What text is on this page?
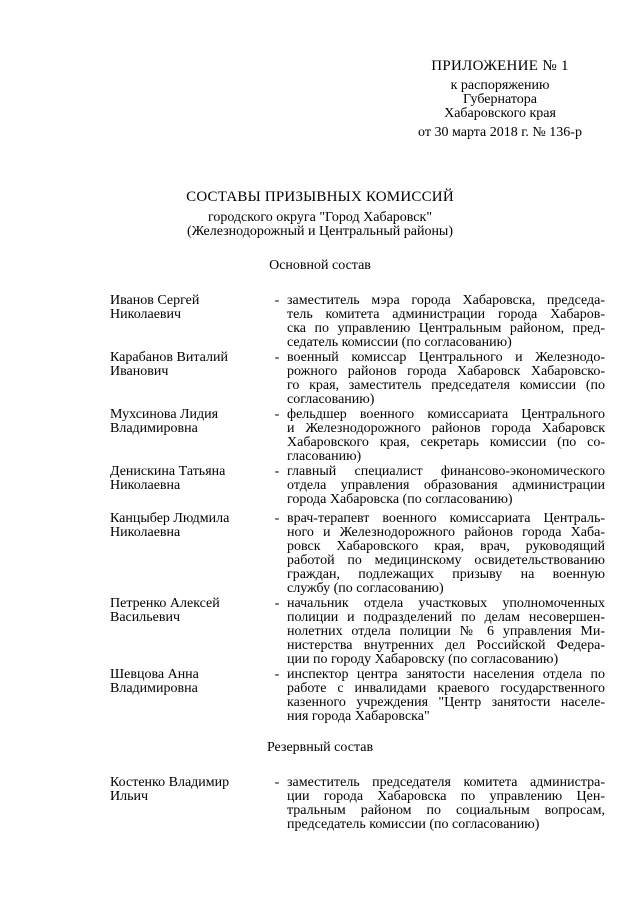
ПРИЛОЖЕНИЕ № 1
к распоряжению
Губернатора
Хабаровского края
от 30 марта 2018 г. № 136-р
СОСТАВЫ ПРИЗЫВНЫХ КОМИССИЙ
городского округа "Город Хабаровск"
(Железнодорожный и Центральный районы)
Основной состав
Иванов Сергей
Николаевич
- заместитель мэра города Хабаровска, председа-
тель комитета администрации города Хабаров-
ска по управлению Центральным районом, пред-
седатель комиссии (по согласованию)
Карабанов Виталий
Иванович
- военный комиссар Центрального и Железнодо-
рожного районов города Хабаровск Хабаровско-
го края, заместитель председателя комиссии (по
согласованию)
Мухсинова Лидия
Владимировна
- фельдшер военного комиссариата Центрального
и Железнодорожного районов города Хабаровск
Хабаровского края, секретарь комиссии (по со-
гласованию)
Денискина Татьяна
Николаевна
- главный специалист финансово-экономического
отдела управления образования администрации
города Хабаровска (по согласованию)
Канцыбер Людмила
Николаевна
- врач-терапевт военного комиссариата Централь-
ного и Железнодорожного районов города Хаба-
ровск Хабаровского края, врач, руководящий
работой по медицинскому освидетельствованию
граждан, подлежащих призыву на военную
службу (по согласованию)
Петренко Алексей
Васильевич
- начальник отдела участковых уполномоченных
полиции и подразделений по делам несовершен-
нолетних отдела полиции № 6 управления Ми-
нистерства внутренних дел Российской Федера-
ции по городу Хабаровску (по согласованию)
Шевцова Анна
Владимировна
- инспектор центра занятости населения отдела по
работе с инвалидами краевого государственного
казенного учреждения "Центр занятости населе-
ния города Хабаровска"
Резервный состав
Костенко Владимир
Ильич
- заместитель председателя комитета администра-
ции города Хабаровска по управлению Цен-
тральным районом по социальным вопросам,
председатель комиссии (по согласованию)
